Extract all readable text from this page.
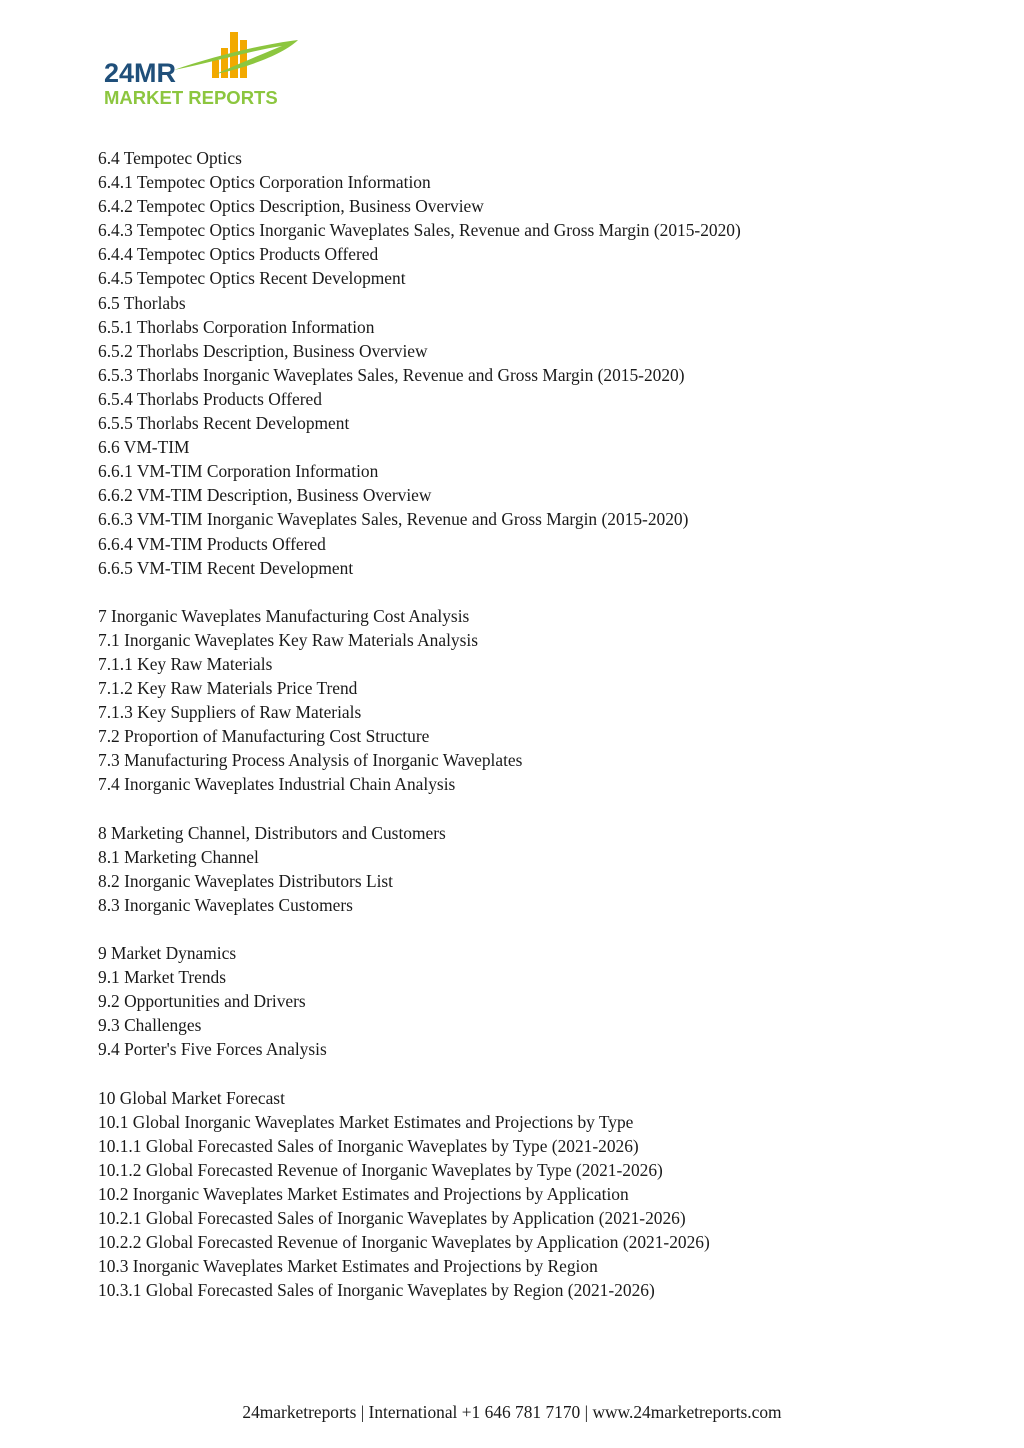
24MR
MARKET REPORTS
6.4 Tempotec Optics
6.4.1 Tempotec Optics Corporation Information
6.4.2 Tempotec Optics Description, Business Overview
6.4.3 Tempotec Optics Inorganic Waveplates Sales, Revenue and Gross Margin (2015-2020)
6.4.4 Tempotec Optics Products Offered
6.4.5 Tempotec Optics Recent Development
6.5 Thorlabs
6.5.1 Thorlabs Corporation Information
6.5.2 Thorlabs Description, Business Overview
6.5.3 Thorlabs Inorganic Waveplates Sales, Revenue and Gross Margin (2015-2020)
6.5.4 Thorlabs Products Offered
6.5.5 Thorlabs Recent Development
6.6 VM-TIM
6.6.1 VM-TIM Corporation Information
6.6.2 VM-TIM Description, Business Overview
6.6.3 VM-TIM Inorganic Waveplates Sales, Revenue and Gross Margin (2015-2020)
6.6.4 VM-TIM Products Offered
6.6.5 VM-TIM Recent Development
7 Inorganic Waveplates Manufacturing Cost Analysis
7.1 Inorganic Waveplates Key Raw Materials Analysis
7.1.1 Key Raw Materials
7.1.2 Key Raw Materials Price Trend
7.1.3 Key Suppliers of Raw Materials
7.2 Proportion of Manufacturing Cost Structure
7.3 Manufacturing Process Analysis of Inorganic Waveplates
7.4 Inorganic Waveplates Industrial Chain Analysis
8 Marketing Channel, Distributors and Customers
8.1 Marketing Channel
8.2 Inorganic Waveplates Distributors List
8.3 Inorganic Waveplates Customers
9 Market Dynamics
9.1 Market Trends
9.2 Opportunities and Drivers
9.3 Challenges
9.4 Porter's Five Forces Analysis
10 Global Market Forecast
10.1 Global Inorganic Waveplates Market Estimates and Projections by Type
10.1.1 Global Forecasted Sales of Inorganic Waveplates by Type (2021-2026)
10.1.2 Global Forecasted Revenue of Inorganic Waveplates by Type (2021-2026)
10.2 Inorganic Waveplates Market Estimates and Projections by Application
10.2.1 Global Forecasted Sales of Inorganic Waveplates by Application (2021-2026)
10.2.2 Global Forecasted Revenue of Inorganic Waveplates by Application (2021-2026)
10.3 Inorganic Waveplates Market Estimates and Projections by Region
10.3.1 Global Forecasted Sales of Inorganic Waveplates by Region (2021-2026)
24marketreports | International +1 646 781 7170 | www.24marketreports.com
